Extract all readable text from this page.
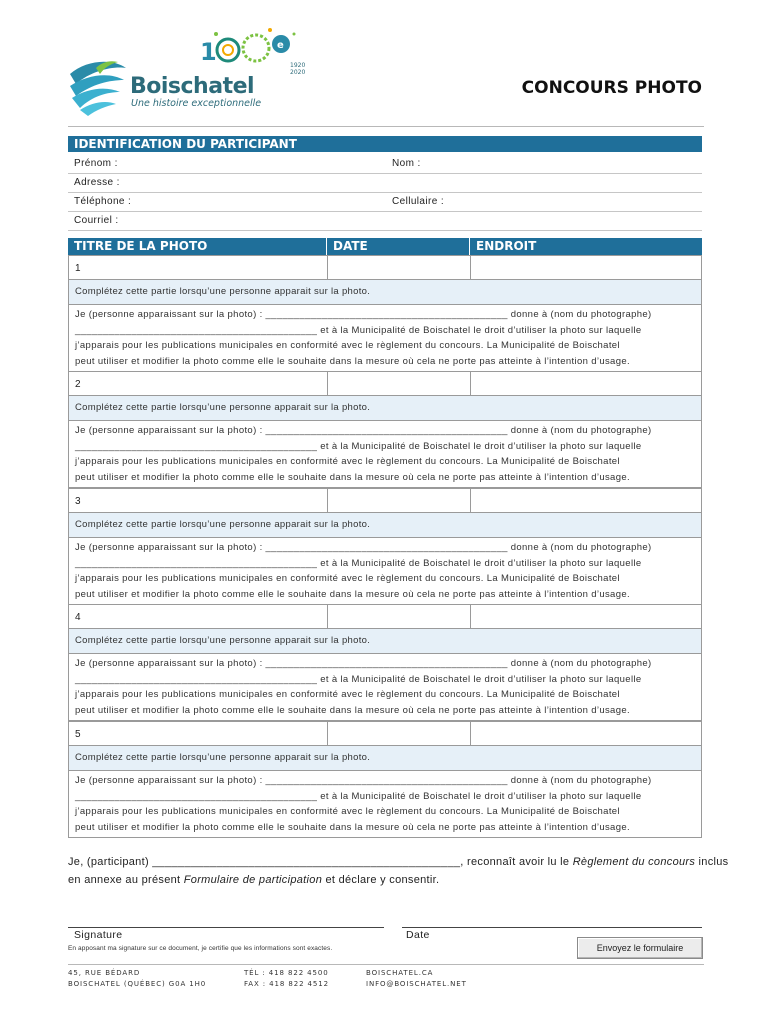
1	e
Boischatel
Une histoire exceptionnelle
1920
2020
CONCOURS PHOTO
IDENTIFICATION DU PARTICIPANT
Prénom :	Nom :
Adresse :
Téléphone :	Cellulaire :
Courriel :
TITRE DE LA PHOTO	DATE	ENDROIT
1
Complétez cette partie lorsqu’une personne apparait sur la photo.
Je (personne apparaissant sur la photo) : ___________________________________________ donne à (nom du photographe)
___________________________________________ et à la Municipalité de Boischatel le droit d’utiliser la photo sur laquelle
j’apparais pour les publications municipales en conformité avec le règlement du concours. La Municipalité de Boischatel
peut utiliser et modifier la photo comme elle le souhaite dans la mesure où cela ne porte pas atteinte à l’intention d’usage.
2
Complétez cette partie lorsqu’une personne apparait sur la photo.
Je (personne apparaissant sur la photo) : ___________________________________________ donne à (nom du photographe)
___________________________________________ et à la Municipalité de Boischatel le droit d’utiliser la photo sur laquelle
j’apparais pour les publications municipales en conformité avec le règlement du concours. La Municipalité de Boischatel
peut utiliser et modifier la photo comme elle le souhaite dans la mesure où cela ne porte pas atteinte à l’intention d’usage.
3
Complétez cette partie lorsqu’une personne apparait sur la photo.
Je (personne apparaissant sur la photo) : ___________________________________________ donne à (nom du photographe)
___________________________________________ et à la Municipalité de Boischatel le droit d’utiliser la photo sur laquelle
j’apparais pour les publications municipales en conformité avec le règlement du concours. La Municipalité de Boischatel
peut utiliser et modifier la photo comme elle le souhaite dans la mesure où cela ne porte pas atteinte à l’intention d’usage.
4
Complétez cette partie lorsqu’une personne apparait sur la photo.
Je (personne apparaissant sur la photo) : ___________________________________________ donne à (nom du photographe)
___________________________________________ et à la Municipalité de Boischatel le droit d’utiliser la photo sur laquelle
j’apparais pour les publications municipales en conformité avec le règlement du concours. La Municipalité de Boischatel
peut utiliser et modifier la photo comme elle le souhaite dans la mesure où cela ne porte pas atteinte à l’intention d’usage.
5
Complétez cette partie lorsqu’une personne apparait sur la photo.
Je (personne apparaissant sur la photo) : ___________________________________________ donne à (nom du photographe)
___________________________________________ et à la Municipalité de Boischatel le droit d’utiliser la photo sur laquelle
j’apparais pour les publications municipales en conformité avec le règlement du concours. La Municipalité de Boischatel
peut utiliser et modifier la photo comme elle le souhaite dans la mesure où cela ne porte pas atteinte à l’intention d’usage.
Je, (participant) ________________________________________________, reconnaît avoir lu le Règlement du concours inclus
en annexe au présent Formulaire de participation et déclare y consentir.
Signature	Date
En apposant ma signature sur ce document, je certifie que les informations sont exactes.	Envoyez le formulaire
45, RUE BÉDARD
BOISCHATEL (QUÉBEC) G0A 1H0
TÉL : 418 822 4500
FAX : 418 822 4512
BOISCHATEL.CA
INFO@BOISCHATEL.NET
